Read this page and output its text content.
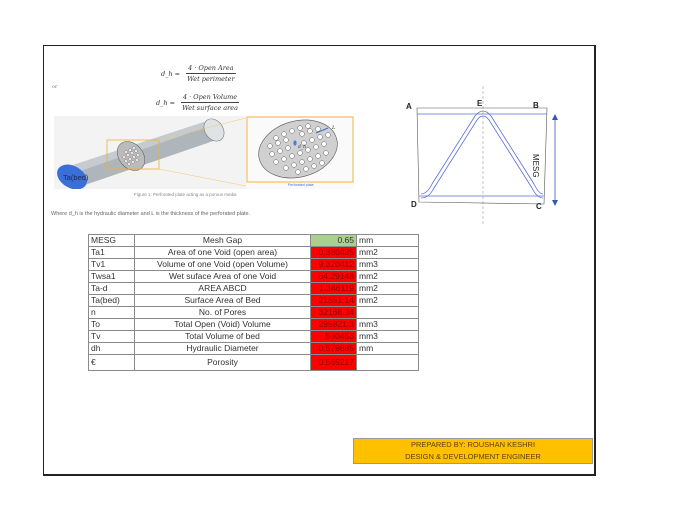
d_h = $\frac{\text{4 · Open Area}}{\text{Wet perimeter}}$
or
d_h = $\frac{\text{4 · Open Volume}}{\text{Wet surface area}}$
L
d_h
Perforated plate
Ta(bed)
Figure 1: Perforated plate acting as a porous media
Where d_h is the hydraulic diameter and L is the thickness of the perforated plate.
A	E	B
D	C
MESG
MESG	Mesh Gap	0.65	mm
Ta1	Area of one Void (open area)	0.380425	mm2
Tv1	Volume of one Void (open Volume)	9.320412	mm3
Twsa1	Wet suface Area of one Void	64.29148	mm2
Ta-d	AREA ABCD	1.346119	mm2
Ta(bed)	Surface Area of Bed	21651.14	mm2
n	No. of Pores	32168.24	
To	Total Open (Void) Volume	299821.3	mm3
Tv	Total Volume of bed	530453	mm3
dh	Hydraulic Diameter	0.579885	mm
€	Porosity	0.565217	
PREPARED BY: ROUSHAN KESHRI
DESIGN & DEVELOPMENT ENGINEER
